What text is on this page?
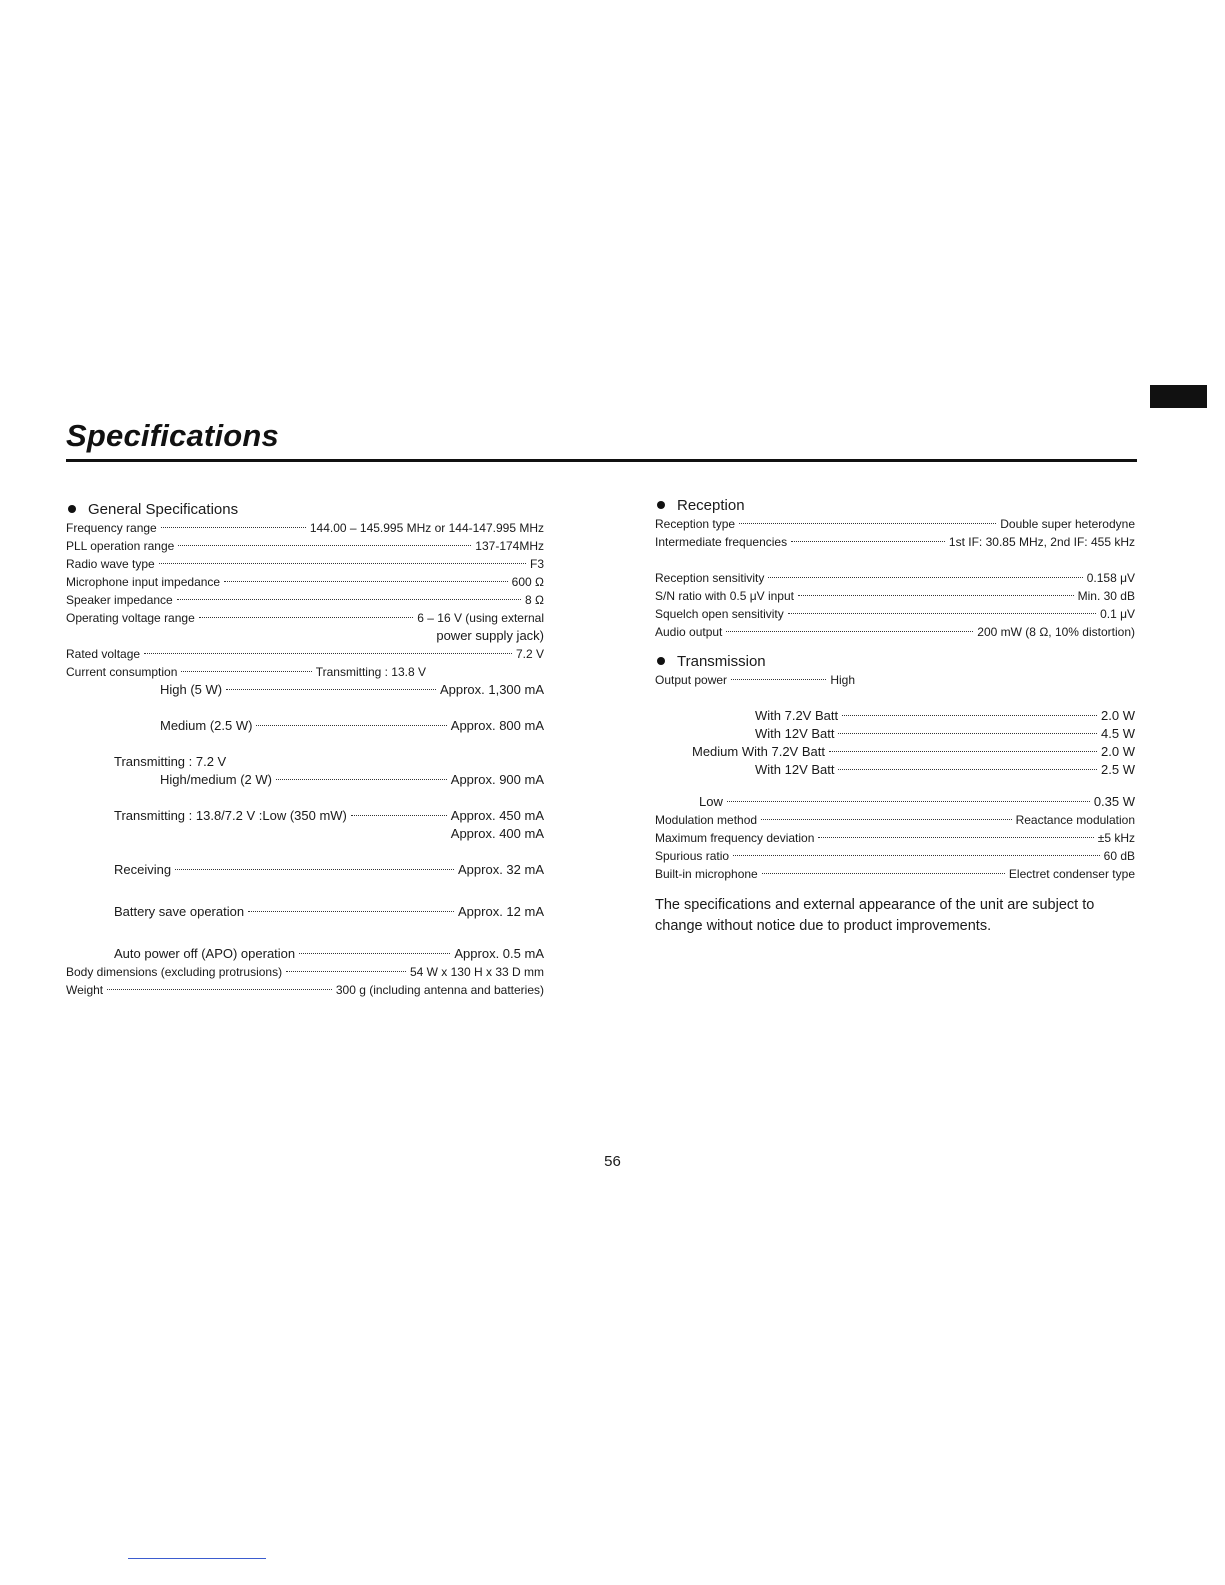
Specifications
General Specifications
Frequency range	144.00 – 145.995 MHz or 144-147.995 MHz
PLL operation range	137-174MHz
Radio wave type	F3
Microphone input impedance	600 Ω
Speaker impedance	8 Ω
Operating voltage range	6 – 16 V (using external
power supply jack)
Rated voltage	7.2 V
Current consumption	Transmitting : 13.8 V
High (5 W)	Approx. 1,300 mA
Medium (2.5 W)	Approx. 800 mA
Transmitting : 7.2 V
High/medium (2 W)	Approx. 900 mA
Transmitting : 13.8/7.2 V :Low (350 mW)	Approx. 450 mA
Approx. 400 mA
Receiving	Approx. 32 mA
Battery save operation	Approx. 12 mA
Auto power off (APO) operation	Approx. 0.5 mA
Body dimensions (excluding protrusions)	54 W x 130 H x 33 D mm
Weight	300 g (including antenna and batteries)
Reception
Reception type	Double super heterodyne
Intermediate frequencies	1st IF: 30.85 MHz, 2nd IF: 455 kHz
Reception sensitivity	0.158 μV
S/N ratio with 0.5 μV input	Min. 30 dB
Squelch open sensitivity	0.1 μV
Audio output	200 mW (8 Ω, 10% distortion)
Transmission
Output power	High
With 7.2V Batt	2.0 W
With 12V Batt	4.5 W
Medium With 7.2V Batt	2.0 W
With 12V Batt	2.5 W
Low	0.35 W
Modulation method	Reactance modulation
Maximum frequency deviation	±5 kHz
Spurious ratio	60 dB
Built-in microphone	Electret condenser type
The specifications and external appearance of the unit are subject to change without notice due to product improvements.
56
